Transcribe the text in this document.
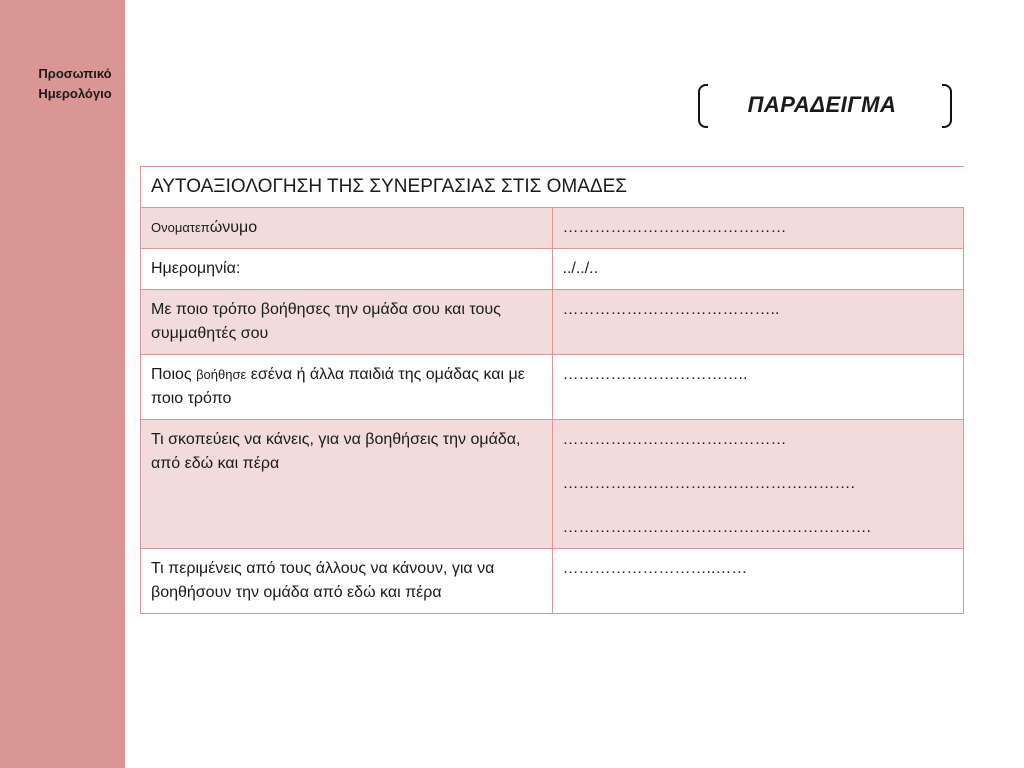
Προσωπικό
Ημερολόγιο	ΠΑΡΑΔΕΙΓΜΑ
ΑΥΤΟΑΞΙΟΛΟΓΗΣΗ ΤΗΣ ΣΥΝΕΡΓΑΣΙΑΣ ΣΤΙΣ ΟΜΑΔΕΣ	
Ονοματεπώνυμο	……………………………………

Ημερομηνία:	../../..

Με ποιο τρόπο βοήθησες την ομάδα σου και τους συμμαθητές σου	…………………………………..

Ποιος βοήθησε εσένα ή άλλα παιδιά της ομάδας και με ποιο τρόπο	……………………………..

Τι σκοπεύεις να κάνεις, για να βοηθήσεις την ομάδα, από εδώ και πέρα	……………………………………
……………………………………………….
………………………………………………….

Τι περιμένεις από τους άλλους να κάνουν, για να βοηθήσουν την ομάδα από εδώ και πέρα	………………………..……
